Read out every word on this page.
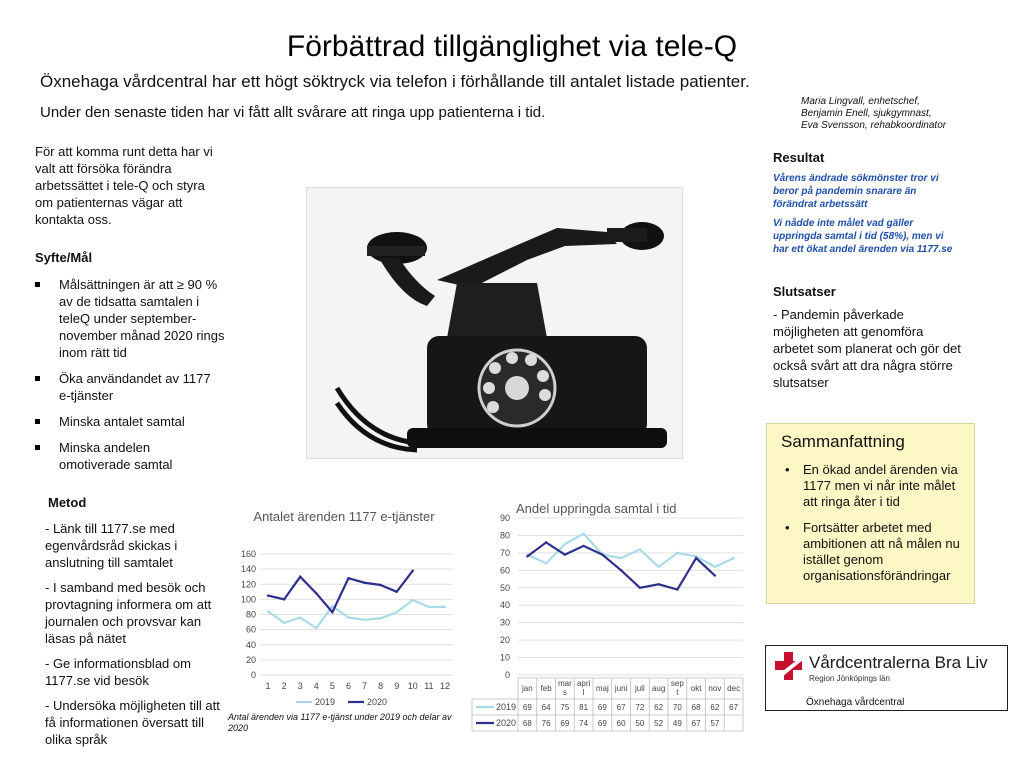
Förbättrad tillgänglighet via tele-Q
Öxnehaga vårdcentral har ett högt söktryck via telefon i förhållande till antalet listade patienter.
Under den senaste tiden har vi fått allt svårare att ringa upp patienterna i tid.
Maria Lingvall, enhetschef,
Benjamin Enell, sjukgymnast,
Eva Svensson, rehabkoordinator
För att komma runt detta har vi valt att försöka förändra arbetssättet i tele-Q och styra om patienternas vägar att kontakta oss.
Syfte/Mål
Målsättningen är att ≥ 90 % av de tidsatta samtalen i teleQ under september-november månad 2020 rings inom rätt tid
Öka användandet av 1177 e-tjänster
Minska antalet samtal
Minska andelen omotiverade samtal
Metod

- Länk till 1177.se med egenvårdsråd skickas i anslutning till samtalet

- I samband med besök och provtagning informera om att journalen och provsvar kan läsas på nätet

- Ge informationsblad om 1177.se vid besök

- Undersöka möjligheten till att få informationen översatt till olika språk

Resultat

Vårens ändrade sökmönster tror vi beror på pandemin snarare än förändrat arbetssätt

Vi nådde inte målet vad gäller uppringda samtal i tid (58%), men vi har ett ökat andel ärenden via 1177.se

Slutsatser
- Pandemin påverkade möjligheten att genomföra arbetet som planerat och gör det också svårt att dra några större slutsatser
Sammanfattning
• En ökad andel ärenden via 1177 men vi når inte målet att ringa åter i tid
• Fortsätter arbetet med ambitionen att nå målen nu istället genom organisationsförändringar
Vårdcentralerna Bra Liv
Region Jönköpings län
Öxnehaga vårdcentral
Antalet ärenden 1177 e-tjänster
0
20
40
60
80
100
120
140
160
1 2 3 4 5 6 7 8 9 10 11 12
2019	2020
Antal ärenden via 1177 e-tjänst under 2019 och delar av 2020
Andel uppringda samtal i tid
0
10
20
30
40
50
60
70
80
90
jan feb
mar
s
apri
l maj juni juli aug
sep
t okt nov dec
2019 69 64 75 81 69 67 72 62 70 68 62 67
2020 68 76 69 74 69 60 50 52 49 67 57
